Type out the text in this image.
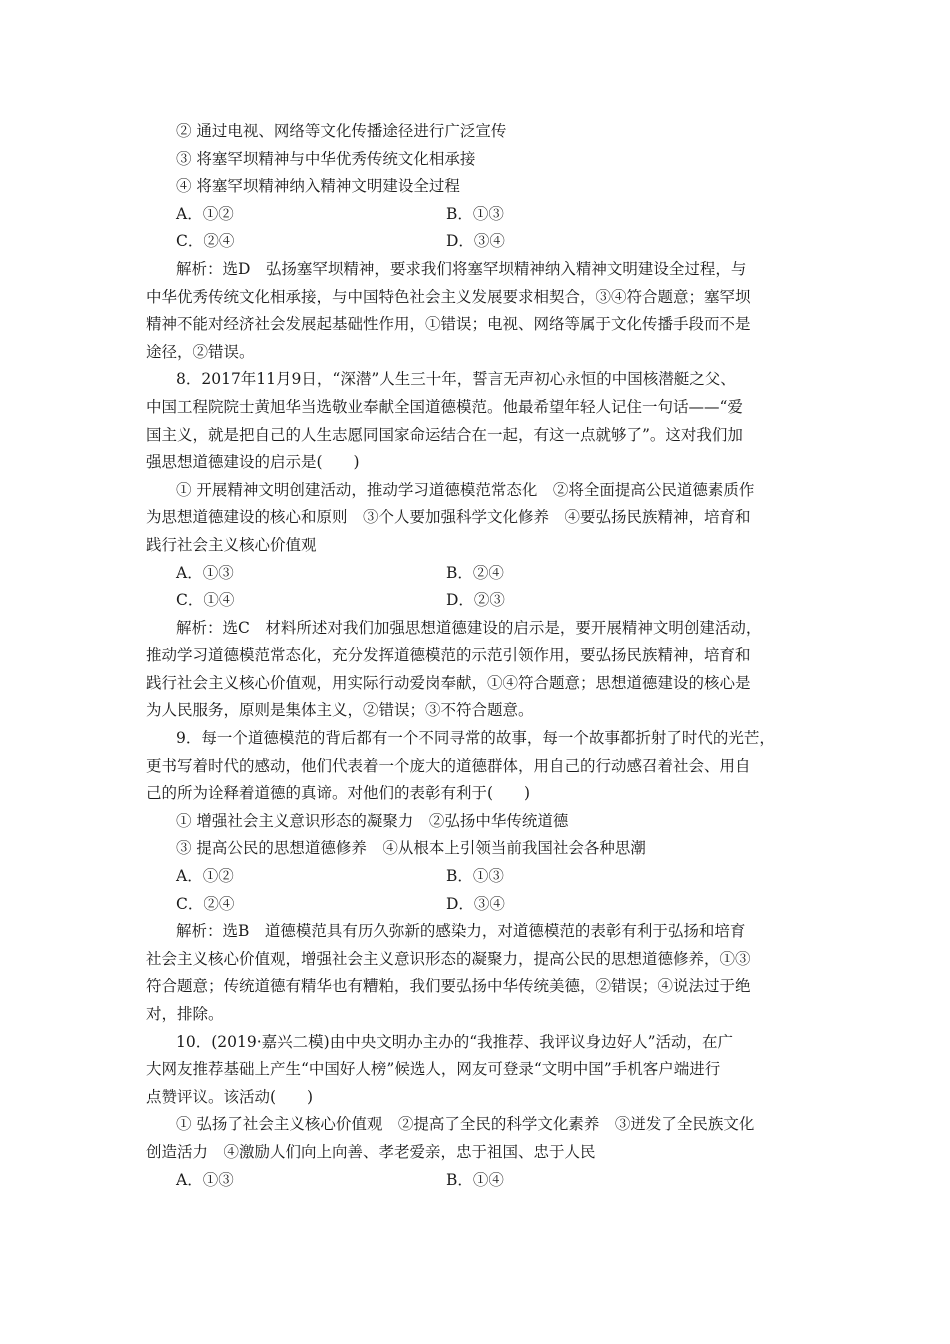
② 通过电视、网络等文化传播途径进行广泛宣传
③ 将塞罕坝精神与中华优秀传统文化相承接
④ 将塞罕坝精神纳入精神文明建设全过程
A．①②	B．①③
C．②④	D．③④
解析：选D　弘扬塞罕坝精神，要求我们将塞罕坝精神纳入精神文明建设全过程，与
中华优秀传统文化相承接，与中国特色社会主义发展要求相契合，③④符合题意；塞罕坝
精神不能对经济社会发展起基础性作用，①错误；电视、网络等属于文化传播手段而不是
途径，②错误。
8．2017年11月9日，“深潜”人生三十年，誓言无声初心永恒的中国核潜艇之父、
中国工程院院士黄旭华当选敬业奉献全国道德模范。他最希望年轻人记住一句话——“爱
国主义，就是把自己的人生志愿同国家命运结合在一起，有这一点就够了”。这对我们加
强思想道德建设的启示是(　　)
① 开展精神文明创建活动，推动学习道德模范常态化　②将全面提高公民道德素质作
为思想道德建设的核心和原则　③个人要加强科学文化修养　④要弘扬民族精神，培育和
践行社会主义核心价值观
A．①③	B．②④
C．①④	D．②③
解析：选C　材料所述对我们加强思想道德建设的启示是，要开展精神文明创建活动，
推动学习道德模范常态化，充分发挥道德模范的示范引领作用，要弘扬民族精神，培育和
践行社会主义核心价值观，用实际行动爱岗奉献，①④符合题意；思想道德建设的核心是
为人民服务，原则是集体主义，②错误；③不符合题意。
9．每一个道德模范的背后都有一个不同寻常的故事，每一个故事都折射了时代的光芒，
更书写着时代的感动，他们代表着一个庞大的道德群体，用自己的行动感召着社会、用自
己的所为诠释着道德的真谛。对他们的表彰有利于(　　)
① 增强社会主义意识形态的凝聚力　②弘扬中华传统道德
③ 提高公民的思想道德修养　④从根本上引领当前我国社会各种思潮
A．①②	B．①③
C．②④	D．③④
解析：选B　道德模范具有历久弥新的感染力，对道德模范的表彰有利于弘扬和培育
社会主义核心价值观，增强社会主义意识形态的凝聚力，提高公民的思想道德修养，①③
符合题意；传统道德有精华也有糟粕，我们要弘扬中华传统美德，②错误；④说法过于绝
对，排除。
10．(2019·嘉兴二模)由中央文明办主办的“我推荐、我评议身边好人”活动，在广
大网友推荐基础上产生“中国好人榜”候选人，网友可登录“文明中国”手机客户端进行
点赞评议。该活动(　　)
① 弘扬了社会主义核心价值观　②提高了全民的科学文化素养　③迸发了全民族文化
创造活力　④激励人们向上向善、孝老爱亲，忠于祖国、忠于人民
A．①③	B．①④
